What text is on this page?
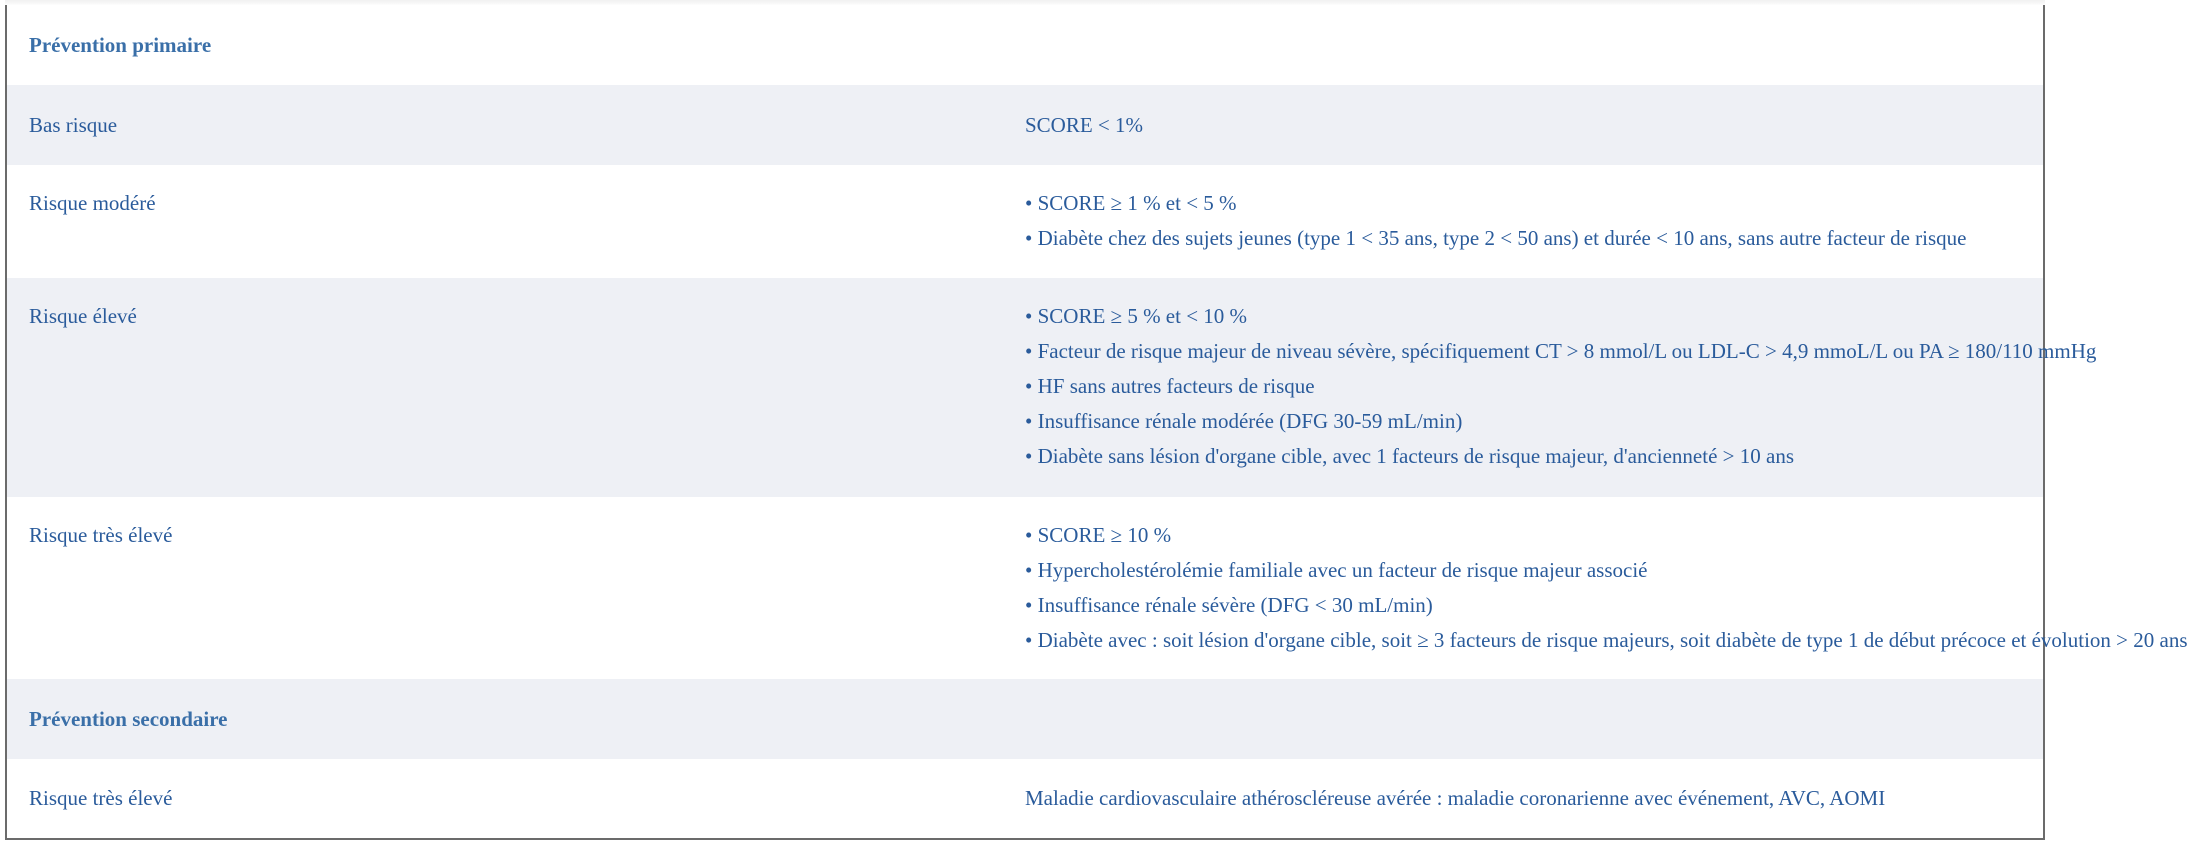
Prévention primaire	
Bas risque	SCORE < 1%

Risque modéré	• SCORE ≥ 1 % et < 5 %
• Diabète chez des sujets jeunes (type 1 < 35 ans, type 2 < 50 ans) et durée < 10 ans, sans autre facteur de risque

Risque élevé	• SCORE ≥ 5 % et < 10 %
• Facteur de risque majeur de niveau sévère, spécifiquement CT > 8 mmol/L ou LDL-C > 4,9 mmoL/L ou PA ≥ 180/110 mmHg
• HF sans autres facteurs de risque
• Insuffisance rénale modérée (DFG 30-59 mL/min)
• Diabète sans lésion d'organe cible, avec 1 facteurs de risque majeur, d'ancienneté > 10 ans

Risque très élevé	• SCORE ≥ 10 %
• Hypercholestérolémie familiale avec un facteur de risque majeur associé
• Insuffisance rénale sévère (DFG < 30 mL/min)
• Diabète avec : soit lésion d'organe cible, soit ≥ 3 facteurs de risque majeurs, soit diabète de type 1 de début précoce et évolution > 20 ans

Prévention secondaire	
Risque très élevé	Maladie cardiovasculaire athéroscléreuse avérée : maladie coronarienne avec événement, AVC, AOMI
